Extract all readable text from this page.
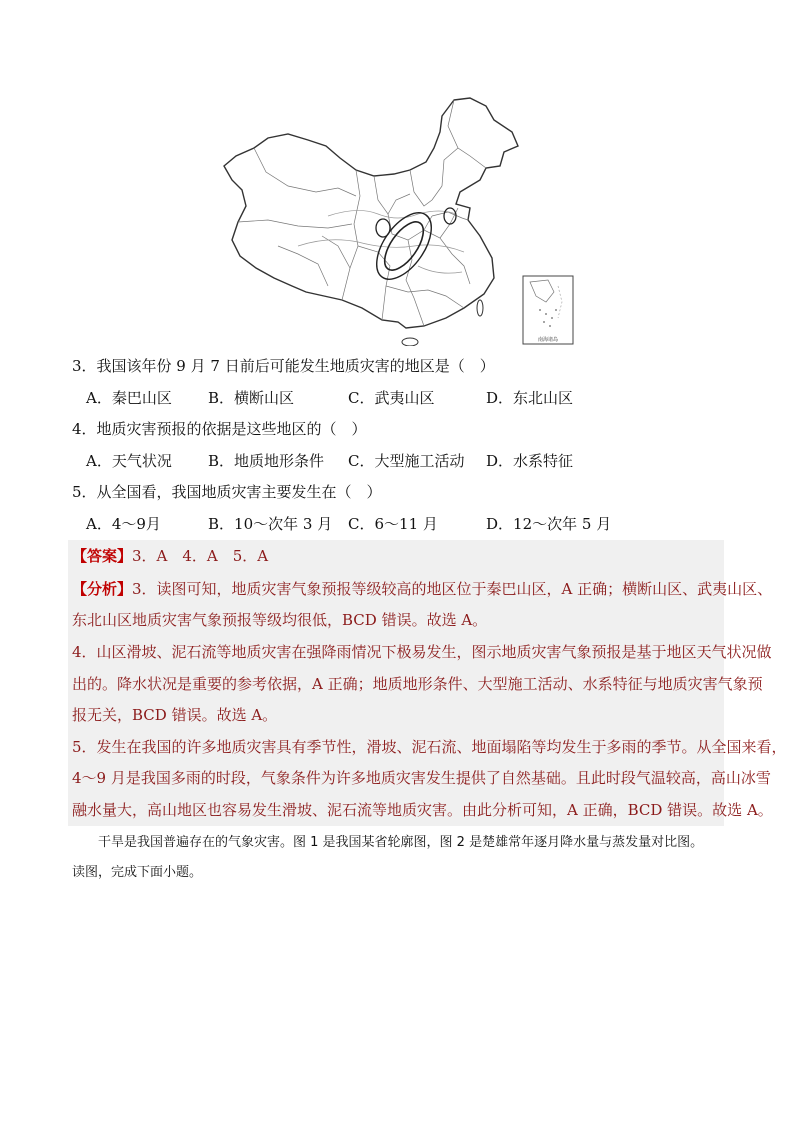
南海诸岛
3．我国该年份 9 月 7 日前后可能发生地质灾害的地区是（　）
A．秦巴山区 B．横断山区	C．武夷山区	D．东北山区
4．地质灾害预报的依据是这些地区的（　）
A．天气状况 B．地质地形条件 C．大型施工活动 D．水系特征
5．从全国看，我国地质灾害主要发生在（　）
A．4～9月	B．10～次年 3 月 C．6～11 月	D．12～次年 5 月
【答案】3．A　4．A　5．A
【分析】3．读图可知，地质灾害气象预报等级较高的地区位于秦巴山区，A 正确；横断山区、武夷山区、
东北山区地质灾害气象预报等级均很低，BCD 错误。故选 A。
4．山区滑坡、泥石流等地质灾害在强降雨情况下极易发生，图示地质灾害气象预报是基于地区天气状况做
出的。降水状况是重要的参考依据，A 正确；地质地形条件、大型施工活动、水系特征与地质灾害气象预
报无关，BCD 错误。故选 A。
5．发生在我国的许多地质灾害具有季节性，滑坡、泥石流、地面塌陷等均发生于多雨的季节。从全国来看，
4～9 月是我国多雨的时段，气象条件为许多地质灾害发生提供了自然基础。且此时段气温较高，高山冰雪
融水量大，高山地区也容易发生滑坡、泥石流等地质灾害。由此分析可知，A 正确，BCD 错误。故选 A。
　　干旱是我国普遍存在的气象灾害。图 1 是我国某省轮廓图，图 2 是楚雄常年逐月降水量与蒸发量对比图。
读图，完成下面小题。
